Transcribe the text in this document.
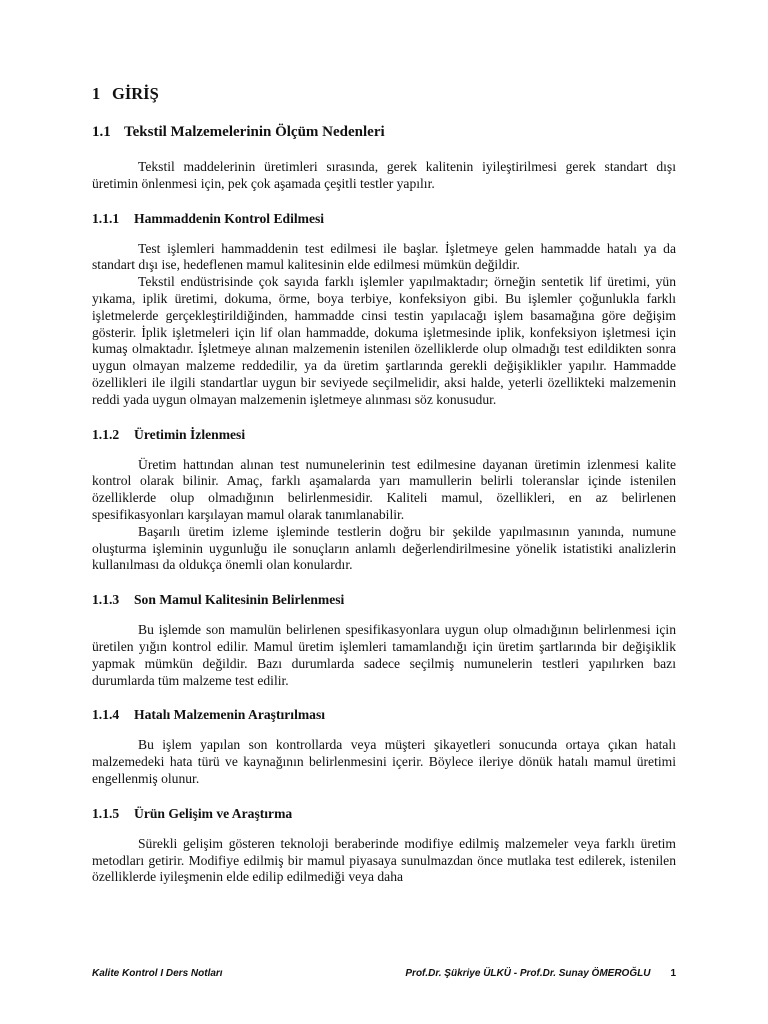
1 GİRİŞ
1.1 Tekstil Malzemelerinin Ölçüm Nedenleri

Tekstil maddelerinin üretimleri sırasında, gerek kalitenin iyileştirilmesi gerek standart dışı üretimin önlenmesi için, pek çok aşamada çeşitli testler yapılır.

1.1.1 Hammaddenin Kontrol Edilmesi

Test işlemleri hammaddenin test edilmesi ile başlar. İşletmeye gelen hammadde hatalı ya da standart dışı ise, hedeflenen mamul kalitesinin elde edilmesi mümkün değildir.

Tekstil endüstrisinde çok sayıda farklı işlemler yapılmaktadır; örneğin sentetik lif üretimi, yün yıkama, iplik üretimi, dokuma, örme, boya terbiye, konfeksiyon gibi. Bu işlemler çoğunlukla farklı işletmelerde gerçekleştirildiğinden, hammadde cinsi testin yapılacağı işlem basamağına göre değişim gösterir. İplik işletmeleri için lif olan hammadde, dokuma işletmesinde iplik, konfeksiyon işletmesi için kumaş olmaktadır. İşletmeye alınan malzemenin istenilen özelliklerde olup olmadığı test edildikten sonra uygun olmayan malzeme reddedilir, ya da üretim şartlarında gerekli değişiklikler yapılır. Hammadde özellikleri ile ilgili standartlar uygun bir seviyede seçilmelidir, aksi halde, yeterli özellikteki malzemenin reddi yada uygun olmayan malzemenin işletmeye alınması söz konusudur.

1.1.2 Üretimin İzlenmesi

Üretim hattından alınan test numunelerinin test edilmesine dayanan üretimin izlenmesi kalite kontrol olarak bilinir. Amaç, farklı aşamalarda yarı mamullerin belirli toleranslar içinde istenilen özelliklerde olup olmadığının belirlenmesidir. Kaliteli mamul, özellikleri, en az belirlenen spesifikasyonları karşılayan mamul olarak tanımlanabilir.

Başarılı üretim izleme işleminde testlerin doğru bir şekilde yapılmasının yanında, numune oluşturma işleminin uygunluğu ile sonuçların anlamlı değerlendirilmesine yönelik istatistiki analizlerin kullanılması da oldukça önemli olan konulardır.

1.1.3 Son Mamul Kalitesinin Belirlenmesi

Bu işlemde son mamulün belirlenen spesifikasyonlara uygun olup olmadığının belirlenmesi için üretilen yığın kontrol edilir. Mamul üretim işlemleri tamamlandığı için üretim şartlarında bir değişiklik yapmak mümkün değildir. Bazı durumlarda sadece seçilmiş numunelerin testleri yapılırken bazı durumlarda tüm malzeme test edilir.

1.1.4 Hatalı Malzemenin Araştırılması

Bu işlem yapılan son kontrollarda veya müşteri şikayetleri sonucunda ortaya çıkan hatalı malzemedeki hata türü ve kaynağının belirlenmesini içerir. Böylece ileriye dönük hatalı mamul üretimi engellenmiş olunur.

1.1.5 Ürün Gelişim ve Araştırma

Sürekli gelişim gösteren teknoloji beraberinde modifiye edilmiş malzemeler veya farklı üretim metodları getirir. Modifiye edilmiş bir mamul piyasaya sunulmazdan önce mutlaka test edilerek, istenilen özelliklerde iyileşmenin elde edilip edilmediği veya daha

Kalite Kontrol I Ders Notları	Prof.Dr. Şükriye ÜLKÜ - Prof.Dr. Sunay ÖMEROĞLU 1
